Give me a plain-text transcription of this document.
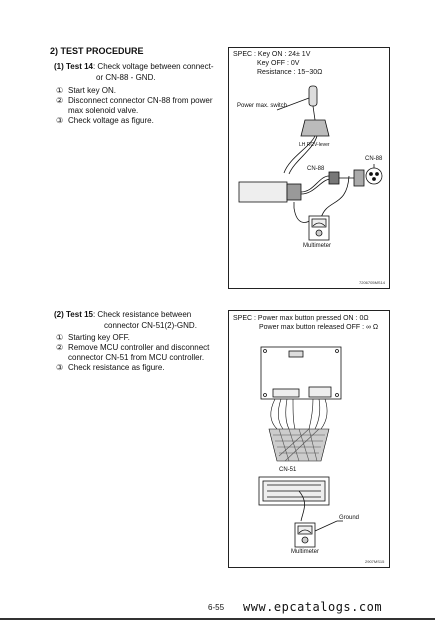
2) TEST PROCEDURE
(1) Test 14: Check voltage between connect-
or CN-88 - GND.
① Start key ON.
② Disconnect connector CN-88 from power
max solenoid valve.
③ Check voltage as figure.
SPEC : Key ON : 24± 1V
Key OFF : 0V
Resistance : 15~30Ω
Power max. switch
LH RCV-lever
CN-88
CN-88
Multimeter
7206705MS14
(2) Test 15: Check resistance between
connector CN-51(2)-GND.
① Starting key OFF.
② Remove MCU controller and disconnect
connector CN-51 from MCU controller.
③ Check resistance as figure.
SPEC : Power max button pressed ON : 0Ω
Power max button released OFF : ∞ Ω
CN-51
Ground
Multimeter
2907MS15
6-55 www.epcatalogs.com
